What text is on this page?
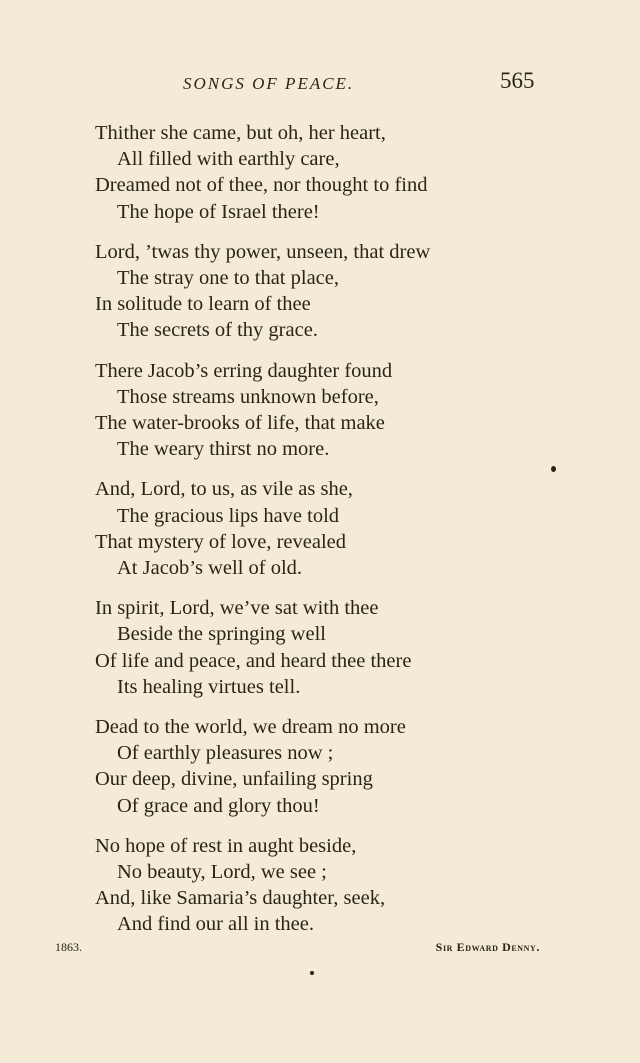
SONGS OF PEACE.	565
Thither she came, but oh, her heart,
All filled with earthly care,
Dreamed not of thee, nor thought to find
The hope of Israel there!
Lord, ’twas thy power, unseen, that drew
The stray one to that place,
In solitude to learn of thee
The secrets of thy grace.
There Jacob’s erring daughter found
Those streams unknown before,
The water-brooks of life, that make
The weary thirst no more.
And, Lord, to us, as vile as she,
The gracious lips have told
That mystery of love, revealed
At Jacob’s well of old.
In spirit, Lord, we’ve sat with thee
Beside the springing well
Of life and peace, and heard thee there
Its healing virtues tell.
Dead to the world, we dream no more
Of earthly pleasures now ;
Our deep, divine, unfailing spring
Of grace and glory thou!
No hope of rest in aught beside,
No beauty, Lord, we see ;
And, like Samaria’s daughter, seek,
And find our all in thee.
1863.	Sir Edward Denny.
